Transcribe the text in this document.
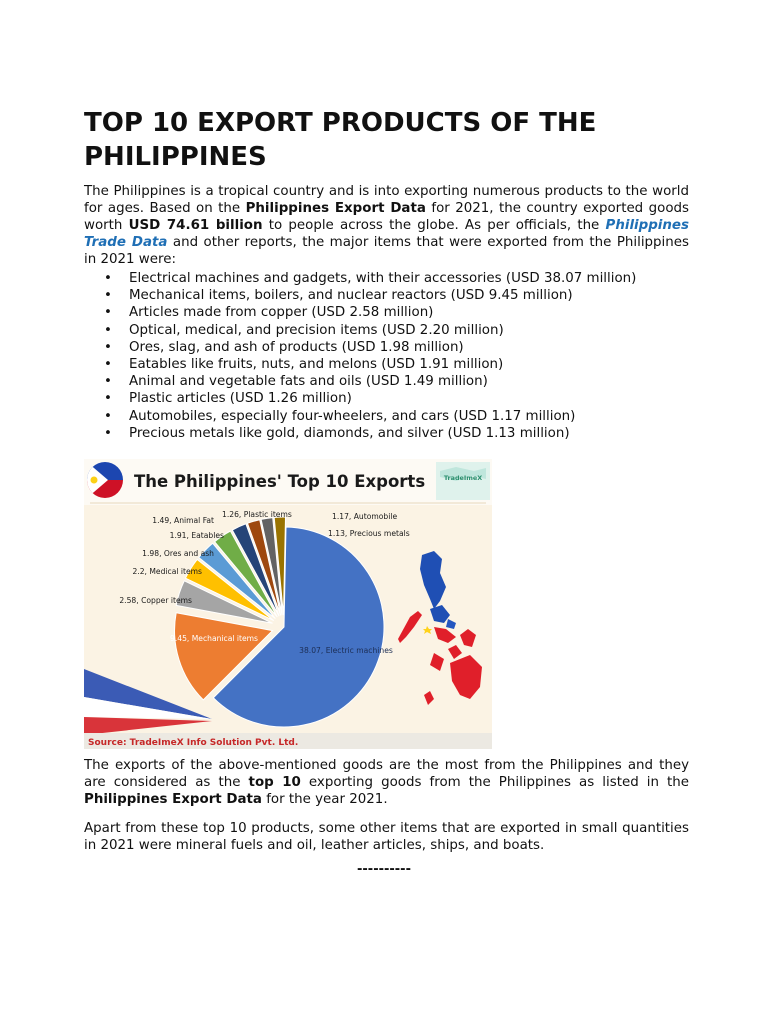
TOP 10 EXPORT PRODUCTS OF THE PHILIPPINES

The Philippines is a tropical country and is into exporting numerous products to the world for ages. Based on the Philippines Export Data for 2021, the country exported goods worth USD 74.61 billion to people across the globe. As per officials, the Philippines Trade Data and other reports, the major items that were exported from the Philippines in 2021 were:

• Electrical machines and gadgets, with their accessories (USD 38.07 million)
• Mechanical items, boilers, and nuclear reactors (USD 9.45 million)
• Articles made from copper (USD 2.58 million)
• Optical, medical, and precision items (USD 2.20 million)
• Ores, slag, and ash of products (USD 1.98 million)
• Eatables like fruits, nuts, and melons (USD 1.91 million)
• Animal and vegetable fats and oils (USD 1.49 million)
• Plastic articles (USD 1.26 million)
• Automobiles, especially four-wheelers, and cars (USD 1.17 million)
• Precious metals like gold, diamonds, and silver (USD 1.13 million)
The Philippines' Top 10 Exports	TradeImeX
38.07, Electric machines
9.45, Mechanical items
2.58, Copper items
2.2, Medical items
1.98, Ores and ash
1.91, Eatables
1.49, Animal Fat
1.26, Plastic items	1.17, Automobile
1.13, Precious metals
Source: TradeImeX Info Solution Pvt. Ltd.

The exports of the above-mentioned goods are the most from the Philippines and they are considered as the top 10 exporting goods from the Philippines as listed in the Philippines Export Data for the year 2021.

Apart from these top 10 products, some other items that are exported in small quantities in 2021 were mineral fuels and oil, leather articles, ships, and boats.

----------
